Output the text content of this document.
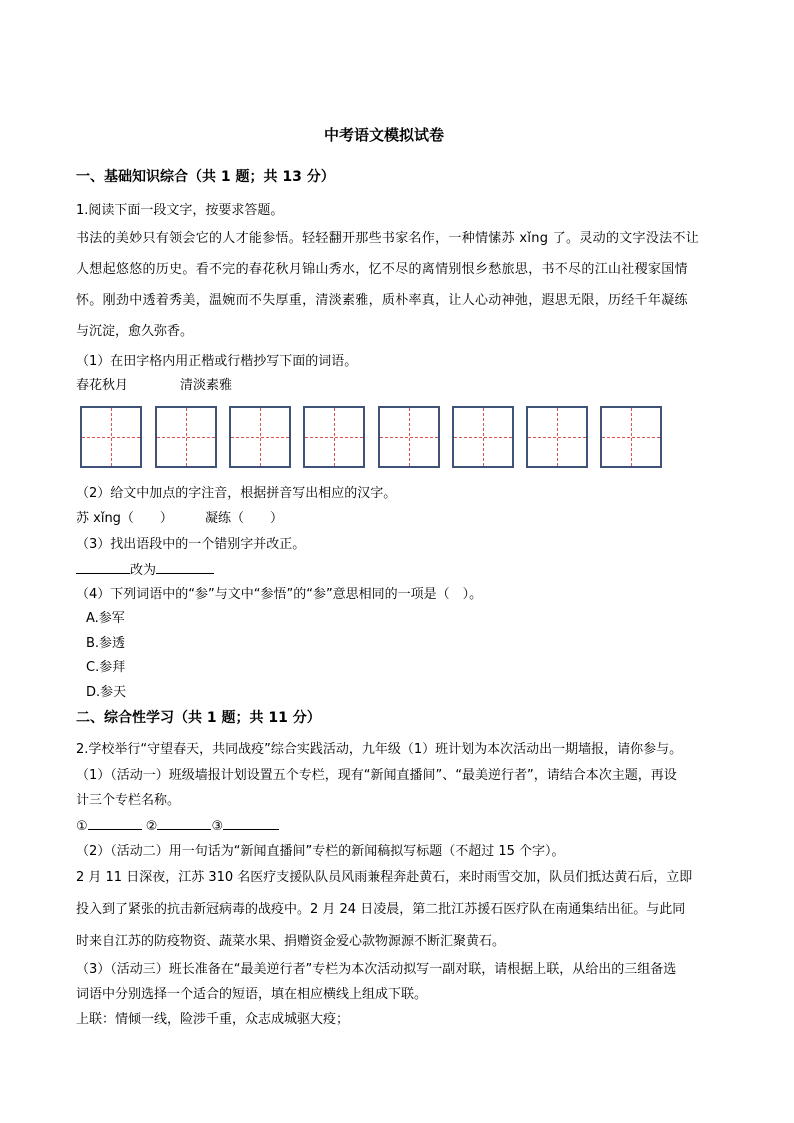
中考语文模拟试卷
一、基础知识综合（共 1 题；共 13 分）
1.阅读下面一段文字，按要求答题。
书法的美妙只有领会它的人才能参悟。轻轻翻开那些书家名作，一种情愫苏 xǐng 了。灵动的文字没法不让
人想起悠悠的历史。看不完的春花秋月锦山秀水，忆不尽的离情别恨乡愁旅思，书不尽的江山社稷家国情
怀。刚劲中透着秀美，温婉而不失厚重，清淡素雅，质朴率真，让人心动神弛，遐思无限，历经千年凝练
与沉淀，愈久弥香。
（1）在田字格内用正楷或行楷抄写下面的词语。
春花秋月	清淡素雅
（2）给文中加点的字注音，根据拼音写出相应的汉字。
苏 xǐng（　　） 凝练（　　）
（3）找出语段中的一个错别字并改正。
改为
（4）下列词语中的“参”与文中“参悟”的“参”意思相同的一项是（　）。
A.参军
B.参透
C.参拜
D.参天
二、综合性学习（共 1 题；共 11 分）
2.学校举行“守望春天，共同战疫”综合实践活动，九年级（1）班计划为本次活动出一期墙报，请你参与。
（1）（活动一）班级墙报计划设置五个专栏，现有“新闻直播间”、“最美逆行者”，请结合本次主题，再设
计三个专栏名称。
①	②	③
（2）（活动二）用一句话为“新闻直播间”专栏的新闻稿拟写标题（不超过 15 个字）。
2 月 11 日深夜，江苏 310 名医疗支援队队员风雨兼程奔赴黄石，来时雨雪交加，队员们抵达黄石后，立即
投入到了紧张的抗击新冠病毒的战疫中。2 月 24 日凌晨，第二批江苏援石医疗队在南通集结出征。与此同
时来自江苏的防疫物资、蔬菜水果、捐赠资金爱心款物源源不断汇聚黄石。
（3）（活动三）班长准备在“最美逆行者”专栏为本次活动拟写一副对联，请根据上联，从给出的三组备选
词语中分别选择一个适合的短语，填在相应横线上组成下联。
上联：情倾一线，险涉千重，众志成城驱大疫；
